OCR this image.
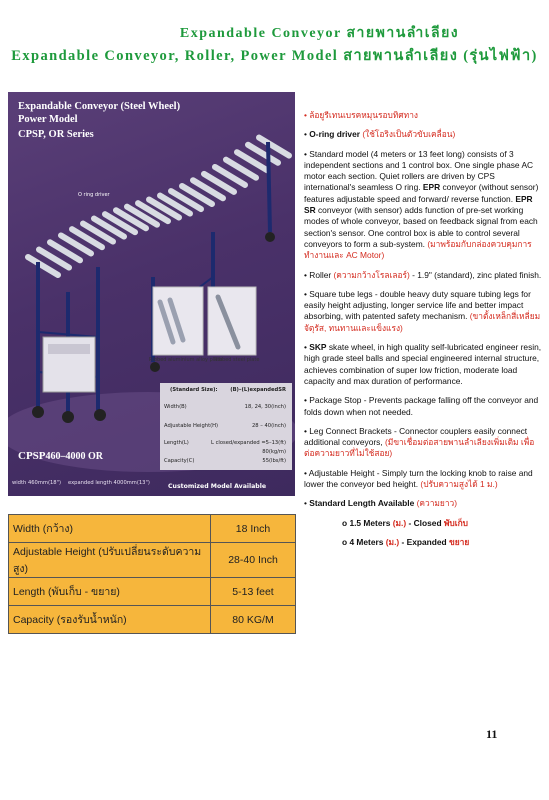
Expandable Conveyor สายพานลำเลียง
Expandable Conveyor, Roller, Power Model สายพานลำเลียง (รุ่นไฟฟ้า)
Expandable Conveyor (Steel Wheel)
Power Model
CPSP, OR Series
O ring driver
Ribbed aluminium alloy plate
Ribbed steel plate
(Standard Size): (B)–(L)expandedSR
Width(B)	18, 24, 30(inch)
Adjustable Height(H)	28 – 40(inch)
Length(L)	L closed/expanded =5–13(ft)
80(kg/m)
Capacity(C)	55(lbs/ft)
CPSP460–4000 OR
width 460mm(18") expanded length 4000mm(13")	Customized Model Available
Width (กว้าง)	18 Inch
Adjustable Height (ปรับเปลี่ยนระดับความสูง)	28-40 Inch
Length (พับเก็บ - ขยาย)	5-13 feet
Capacity (รองรับน้ำหนัก)	80 KG/M
• ล้อยูรีเทนเบรคหมุนรอบทิศทาง
• O-ring driver (ใช้โอริงเป็นตัวขับเคลื่อน)
• Standard model (4 meters or 13 feet long) consists of 3 independent sections and 1 control box. One single phase AC motor each section. Quiet rollers are driven by CPS international's seamless O ring. EPR conveyor (without sensor) features adjustable speed and forward/ reverse function. EPR SR conveyor (with sensor) adds function of pre-set working modes of whole conveyor, based on feedback signal from each section's sensor. One control box is able to control several conveyors to form a sub-system. (มาพร้อมกับกล่องควบคุมการทำงานและ AC Motor)
• Roller (ความกว้างโรลเลอร์) - 1.9" (standard), zinc plated finish.
• Square tube legs - double heavy duty square tubing legs for easily height adjusting, longer service life and better impact absorbing, with patented safety mechanism. (ขาตั้งเหล็กสี่เหลี่ยมจัตุรัส, ทนทานและแข็งแรง)
• SKP skate wheel, in high quality self-lubricated engineer resin, high grade steel balls and special engineered internal structure, achieves combination of super low friction, moderate load capacity and max duration of performance.
• Package Stop - Prevents package falling off the conveyor and folds down when not needed.
• Leg Connect Brackets - Connector couplers easily connect additional conveyors, (มีขาเชื่อมต่อสายพานลำเลียงเพิ่มเติม เพื่อต่อความยาวที่ไม่ใช้สอย)
• Adjustable Height - Simply turn the locking knob to raise and lower the conveyor bed height. (ปรับความสูงได้ 1 ม.)
• Standard Length Available (ความยาว)
o 1.5 Meters (ม.) - Closed พับเก็บ
o 4 Meters (ม.) - Expanded ขยาย
11
